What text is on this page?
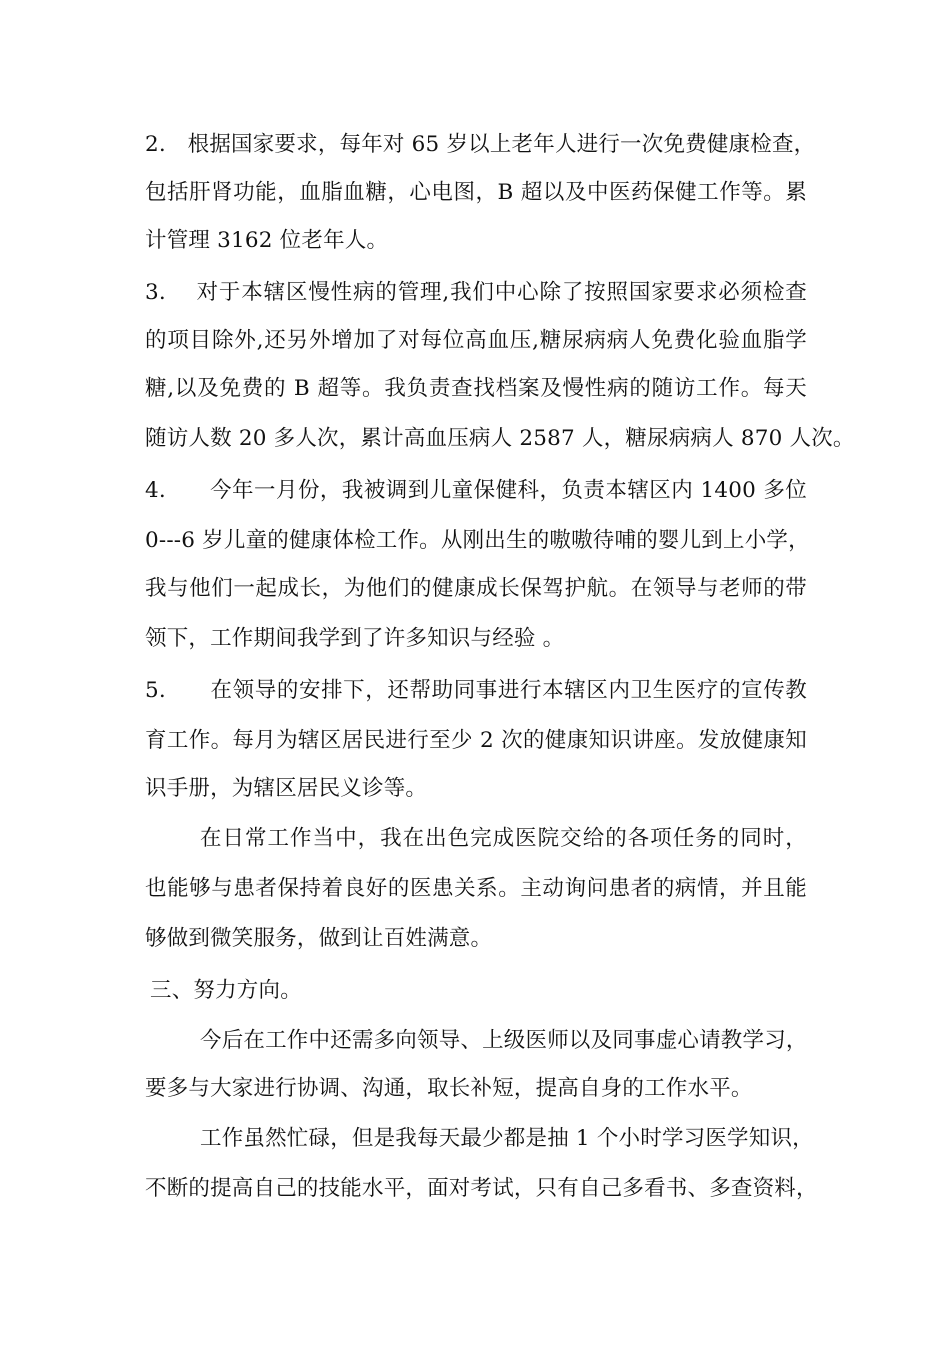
2.　根据国家要求，每年对 65 岁以上老年人进行一次免费健康检查，
包括肝肾功能，血脂血糖，心电图，B 超以及中医药保健工作等。累
计管理 3162 位老年人。
3.　 对于本辖区慢性病的管理,我们中心除了按照国家要求必须检查
的项目除外,还另外增加了对每位高血压,糖尿病病人免费化验血脂学
糖,以及免费的 B 超等。我负责查找档案及慢性病的随访工作。每天
随访人数 20 多人次，累计高血压病人 2587 人，糖尿病病人 870 人次。
4.　　今年一月份，我被调到儿童保健科，负责本辖区内 1400 多位
0---6 岁儿童的健康体检工作。从刚出生的嗷嗷待哺的婴儿到上小学，
我与他们一起成长，为他们的健康成长保驾护航。在领导与老师的带
领下，工作期间我学到了许多知识与经验 。
5.　　在领导的安排下，还帮助同事进行本辖区内卫生医疗的宣传教
育工作。每月为辖区居民进行至少 2 次的健康知识讲座。发放健康知
识手册，为辖区居民义诊等。
在日常工作当中，我在出色完成医院交给的各项任务的同时，
也能够与患者保持着良好的医患关系。主动询问患者的病情，并且能
够做到微笑服务，做到让百姓满意。
三、努力方向。
今后在工作中还需多向领导、上级医师以及同事虚心请教学习，
要多与大家进行协调、沟通，取长补短，提高自身的工作水平。
工作虽然忙碌，但是我每天最少都是抽 1 个小时学习医学知识，
不断的提高自己的技能水平，面对考试，只有自己多看书、多查资料，
